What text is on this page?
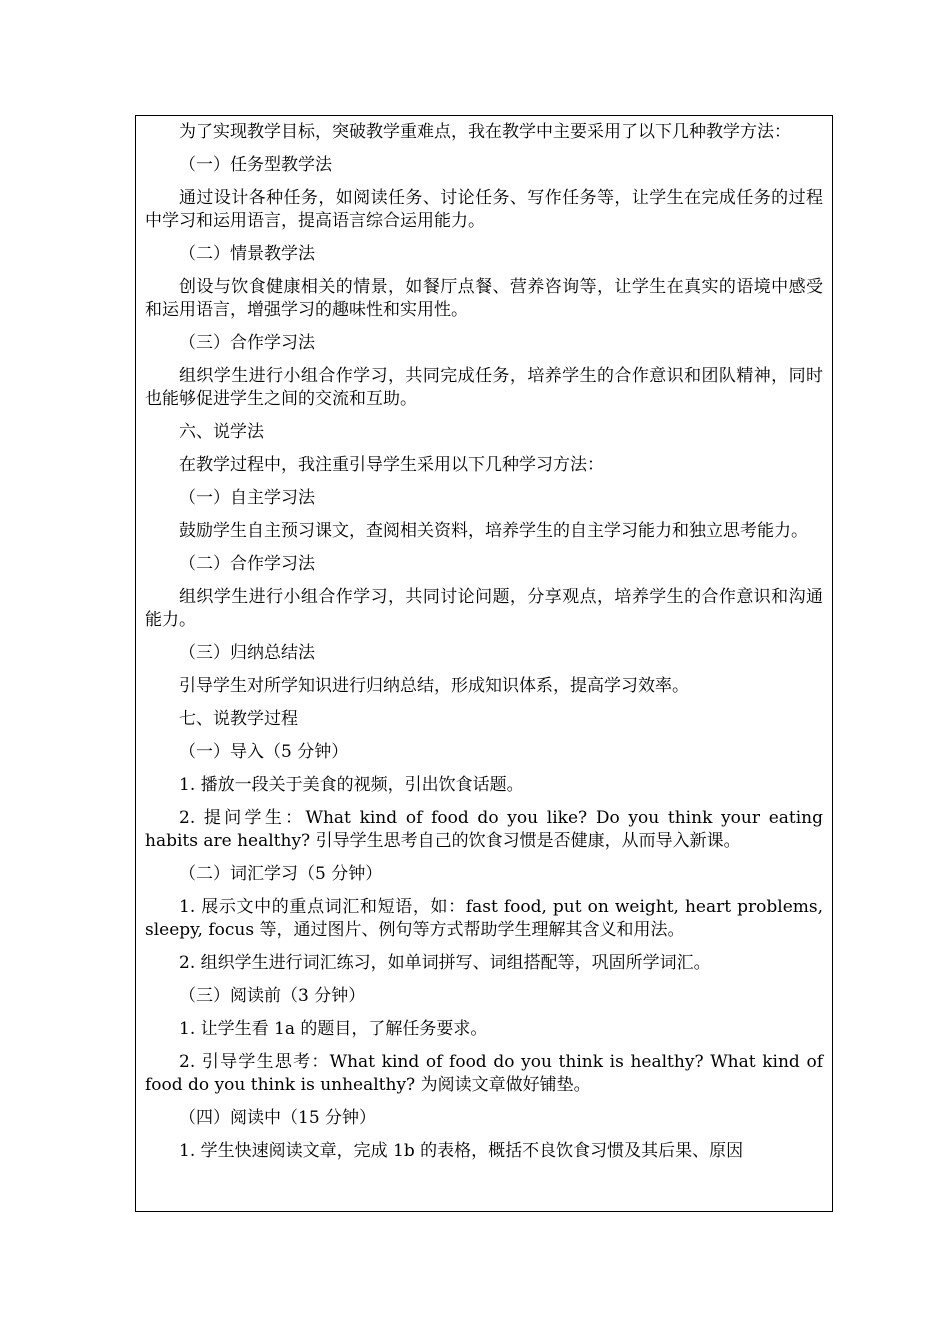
为了实现教学目标，突破教学重难点，我在教学中主要采用了以下几种教学方法：

（一）任务型教学法

通过设计各种任务，如阅读任务、讨论任务、写作任务等，让学生在完成任务的过程中学习和运用语言，提高语言综合运用能力。

（二）情景教学法

创设与饮食健康相关的情景，如餐厅点餐、营养咨询等，让学生在真实的语境中感受和运用语言，增强学习的趣味性和实用性。

（三）合作学习法

组织学生进行小组合作学习，共同完成任务，培养学生的合作意识和团队精神，同时也能够促进学生之间的交流和互助。

六、说学法

在教学过程中，我注重引导学生采用以下几种学习方法：

（一）自主学习法

鼓励学生自主预习课文，查阅相关资料，培养学生的自主学习能力和独立思考能力。

（二）合作学习法

组织学生进行小组合作学习，共同讨论问题，分享观点，培养学生的合作意识和沟通能力。

（三）归纳总结法

引导学生对所学知识进行归纳总结，形成知识体系，提高学习效率。

七、说教学过程

（一）导入（5 分钟）

1. 播放一段关于美食的视频，引出饮食话题。

2. 提问学生：What kind of food do you like? Do you think your eating habits are healthy? 引导学生思考自己的饮食习惯是否健康，从而导入新课。

（二）词汇学习（5 分钟）

1. 展示文中的重点词汇和短语，如：fast food, put on weight, heart problems, sleepy, focus 等，通过图片、例句等方式帮助学生理解其含义和用法。

2. 组织学生进行词汇练习，如单词拼写、词组搭配等，巩固所学词汇。

（三）阅读前（3 分钟）

1. 让学生看 1a 的题目，了解任务要求。

2. 引导学生思考：What kind of food do you think is healthy? What kind of food do you think is unhealthy? 为阅读文章做好铺垫。

（四）阅读中（15 分钟）

1. 学生快速阅读文章，完成 1b 的表格，概括不良饮食习惯及其后果、原因
